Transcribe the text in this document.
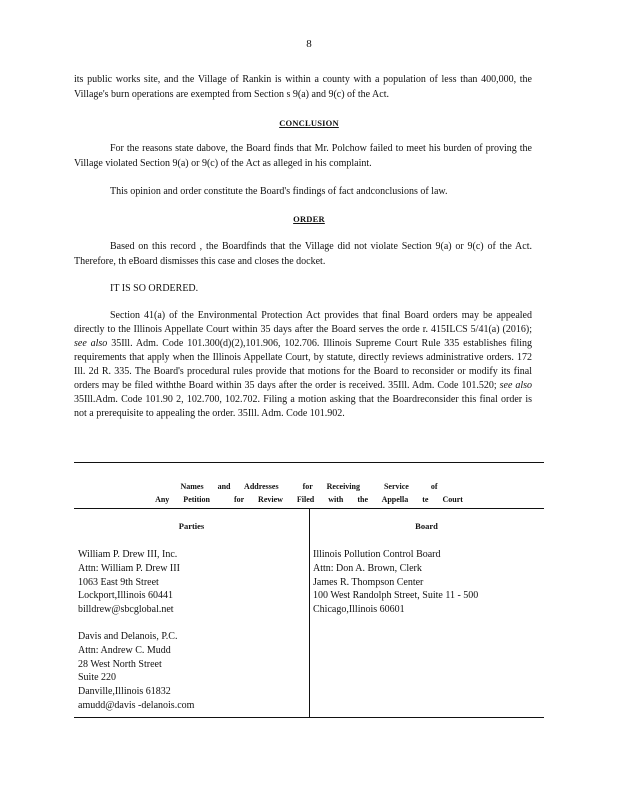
8

its public works site, and the Village of Rankin is within a county with a population of less than 400,000, the Village's burn operations are exempted from Section s 9(a) and 9(c) of the Act.

CONCLUSION

For the reasons state dabove, the Board finds that Mr. Polchow failed to meet his burden of proving the Village violated Section 9(a) or 9(c) of the Act as alleged in his complaint.

This opinion and order constitute the Board's findings of fact andconclusions of law.

ORDER

Based on this record , the Boardfinds that the Village did not violate Section 9(a) or 9(c) of the Act. Therefore, th eBoard dismisses this case and closes the docket.

IT IS SO ORDERED.

Section 41(a) of the Environmental Protection Act provides that final Board orders may be appealed directly to the Illinois Appellate Court within 35 days after the Board serves the orde r. 415ILCS 5/41(a) (2016); see also 35Ill. Adm. Code 101.300(d)(2),101.906, 102.706. Illinois Supreme Court Rule 335 establishes filing requirements that apply when the Illinois Appellate Court, by statute, directly reviews administrative orders. 172 Ill. 2d R. 335. The Board's procedural rules provide that motions for the Board to reconsider or modify its final orders may be filed withthe Board within 35 days after the order is received. 35Ill. Adm. Code 101.520; see also 35Ill.Adm. Code 101.90 2, 102.700, 102.702. Filing a motion asking that the Boardreconsider this final order is not a prerequisite to appealing the order. 35Ill. Adm. Code 101.902.

Names       and       Addresses            for       Receiving            Service           of
Any       Petition            for       Review       Filed       with       the       Appella       te       Court
Parties	Board
William P. Drew III, Inc.
Attn: William P. Drew III
1063 East 9th Street
Lockport,Illinois 60441
billdrew@sbcglobal.net
Davis and Delanois, P.C.
Attn: Andrew C. Mudd
28 West North Street
Suite 220
Danville,Illinois 61832
amudd@davis -delanois.com
Illinois Pollution Control Board
Attn: Don A. Brown, Clerk
James R. Thompson Center
100 West Randolph Street, Suite 11 - 500
Chicago,Illinois 60601
